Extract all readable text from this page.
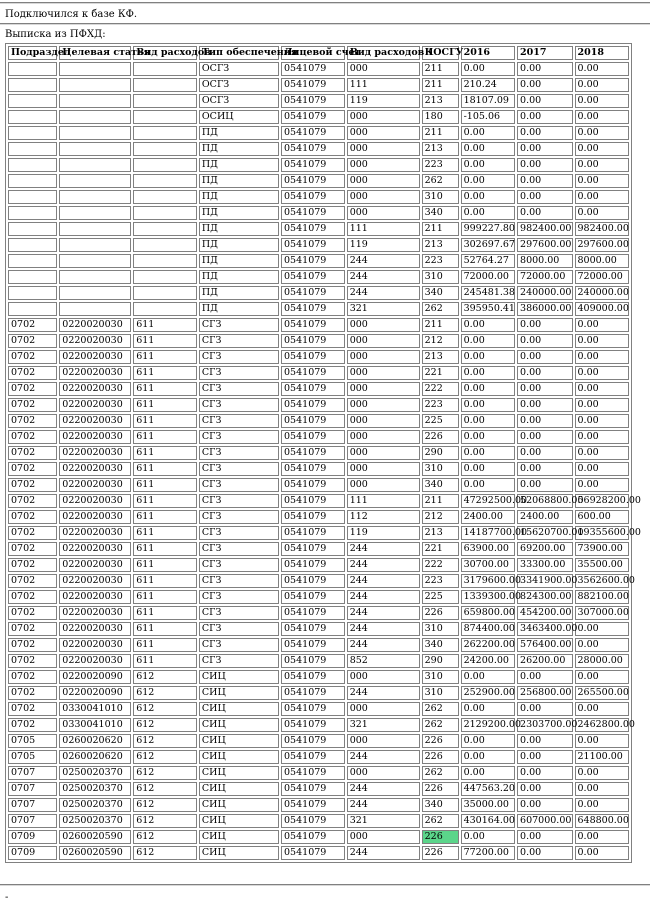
Подключился к базе КФ.
Выписка из ПФХД:
Подраздел	Целевая статья	Вид расходов	Тип обеспечения	Лицевой счет	Вид расходов 1	КОСГУ	2016	2017	2018
			ОСГЗ	0541079	000	211	0.00	0.00	0.00
			ОСГЗ	0541079	111	211	210.24	0.00	0.00
			ОСГЗ	0541079	119	213	18107.09	0.00	0.00
			ОСИЦ	0541079	000	180	-105.06	0.00	0.00
			ПД	0541079	000	211	0.00	0.00	0.00
			ПД	0541079	000	213	0.00	0.00	0.00
			ПД	0541079	000	223	0.00	0.00	0.00
			ПД	0541079	000	262	0.00	0.00	0.00
			ПД	0541079	000	310	0.00	0.00	0.00
			ПД	0541079	000	340	0.00	0.00	0.00
			ПД	0541079	111	211	999227.80	982400.00	982400.00
			ПД	0541079	119	213	302697.67	297600.00	297600.00
			ПД	0541079	244	223	52764.27	8000.00	8000.00
			ПД	0541079	244	310	72000.00	72000.00	72000.00
			ПД	0541079	244	340	245481.38	240000.00	240000.00
			ПД	0541079	321	262	395950.41	386000.00	409000.00
0702	0220020030	611	СГЗ	0541079	000	211	0.00	0.00	0.00
0702	0220020030	611	СГЗ	0541079	000	212	0.00	0.00	0.00
0702	0220020030	611	СГЗ	0541079	000	213	0.00	0.00	0.00
0702	0220020030	611	СГЗ	0541079	000	221	0.00	0.00	0.00
0702	0220020030	611	СГЗ	0541079	000	222	0.00	0.00	0.00
0702	0220020030	611	СГЗ	0541079	000	223	0.00	0.00	0.00
0702	0220020030	611	СГЗ	0541079	000	225	0.00	0.00	0.00
0702	0220020030	611	СГЗ	0541079	000	226	0.00	0.00	0.00
0702	0220020030	611	СГЗ	0541079	000	290	0.00	0.00	0.00
0702	0220020030	611	СГЗ	0541079	000	310	0.00	0.00	0.00
0702	0220020030	611	СГЗ	0541079	000	340	0.00	0.00	0.00
0702	0220020030	611	СГЗ	0541079	111	211	47292500.00	52068800.00	56928200.00
0702	0220020030	611	СГЗ	0541079	112	212	2400.00	2400.00	600.00
0702	0220020030	611	СГЗ	0541079	119	213	14187700.00	15620700.00	19355600.00
0702	0220020030	611	СГЗ	0541079	244	221	63900.00	69200.00	73900.00
0702	0220020030	611	СГЗ	0541079	244	222	30700.00	33300.00	35500.00
0702	0220020030	611	СГЗ	0541079	244	223	3179600.00	3341900.00	3562600.00
0702	0220020030	611	СГЗ	0541079	244	225	1339300.00	824300.00	882100.00
0702	0220020030	611	СГЗ	0541079	244	226	659800.00	454200.00	307000.00
0702	0220020030	611	СГЗ	0541079	244	310	874400.00	3463400.00	0.00
0702	0220020030	611	СГЗ	0541079	244	340	262200.00	576400.00	0.00
0702	0220020030	611	СГЗ	0541079	852	290	24200.00	26200.00	28000.00
0702	0220020090	612	СИЦ	0541079	000	310	0.00	0.00	0.00
0702	0220020090	612	СИЦ	0541079	244	310	252900.00	256800.00	265500.00
0702	0330041010	612	СИЦ	0541079	000	262	0.00	0.00	0.00
0702	0330041010	612	СИЦ	0541079	321	262	2129200.00	2303700.00	2462800.00
0705	0260020620	612	СИЦ	0541079	000	226	0.00	0.00	0.00
0705	0260020620	612	СИЦ	0541079	244	226	0.00	0.00	21100.00
0707	0250020370	612	СИЦ	0541079	000	262	0.00	0.00	0.00
0707	0250020370	612	СИЦ	0541079	244	226	447563.20	0.00	0.00
0707	0250020370	612	СИЦ	0541079	244	340	35000.00	0.00	0.00
0707	0250020370	612	СИЦ	0541079	321	262	430164.00	607000.00	648800.00
0709	0260020590	612	СИЦ	0541079	000	226	0.00	0.00	0.00
0709	0260020590	612	СИЦ	0541079	244	226	77200.00	0.00	0.00
-
